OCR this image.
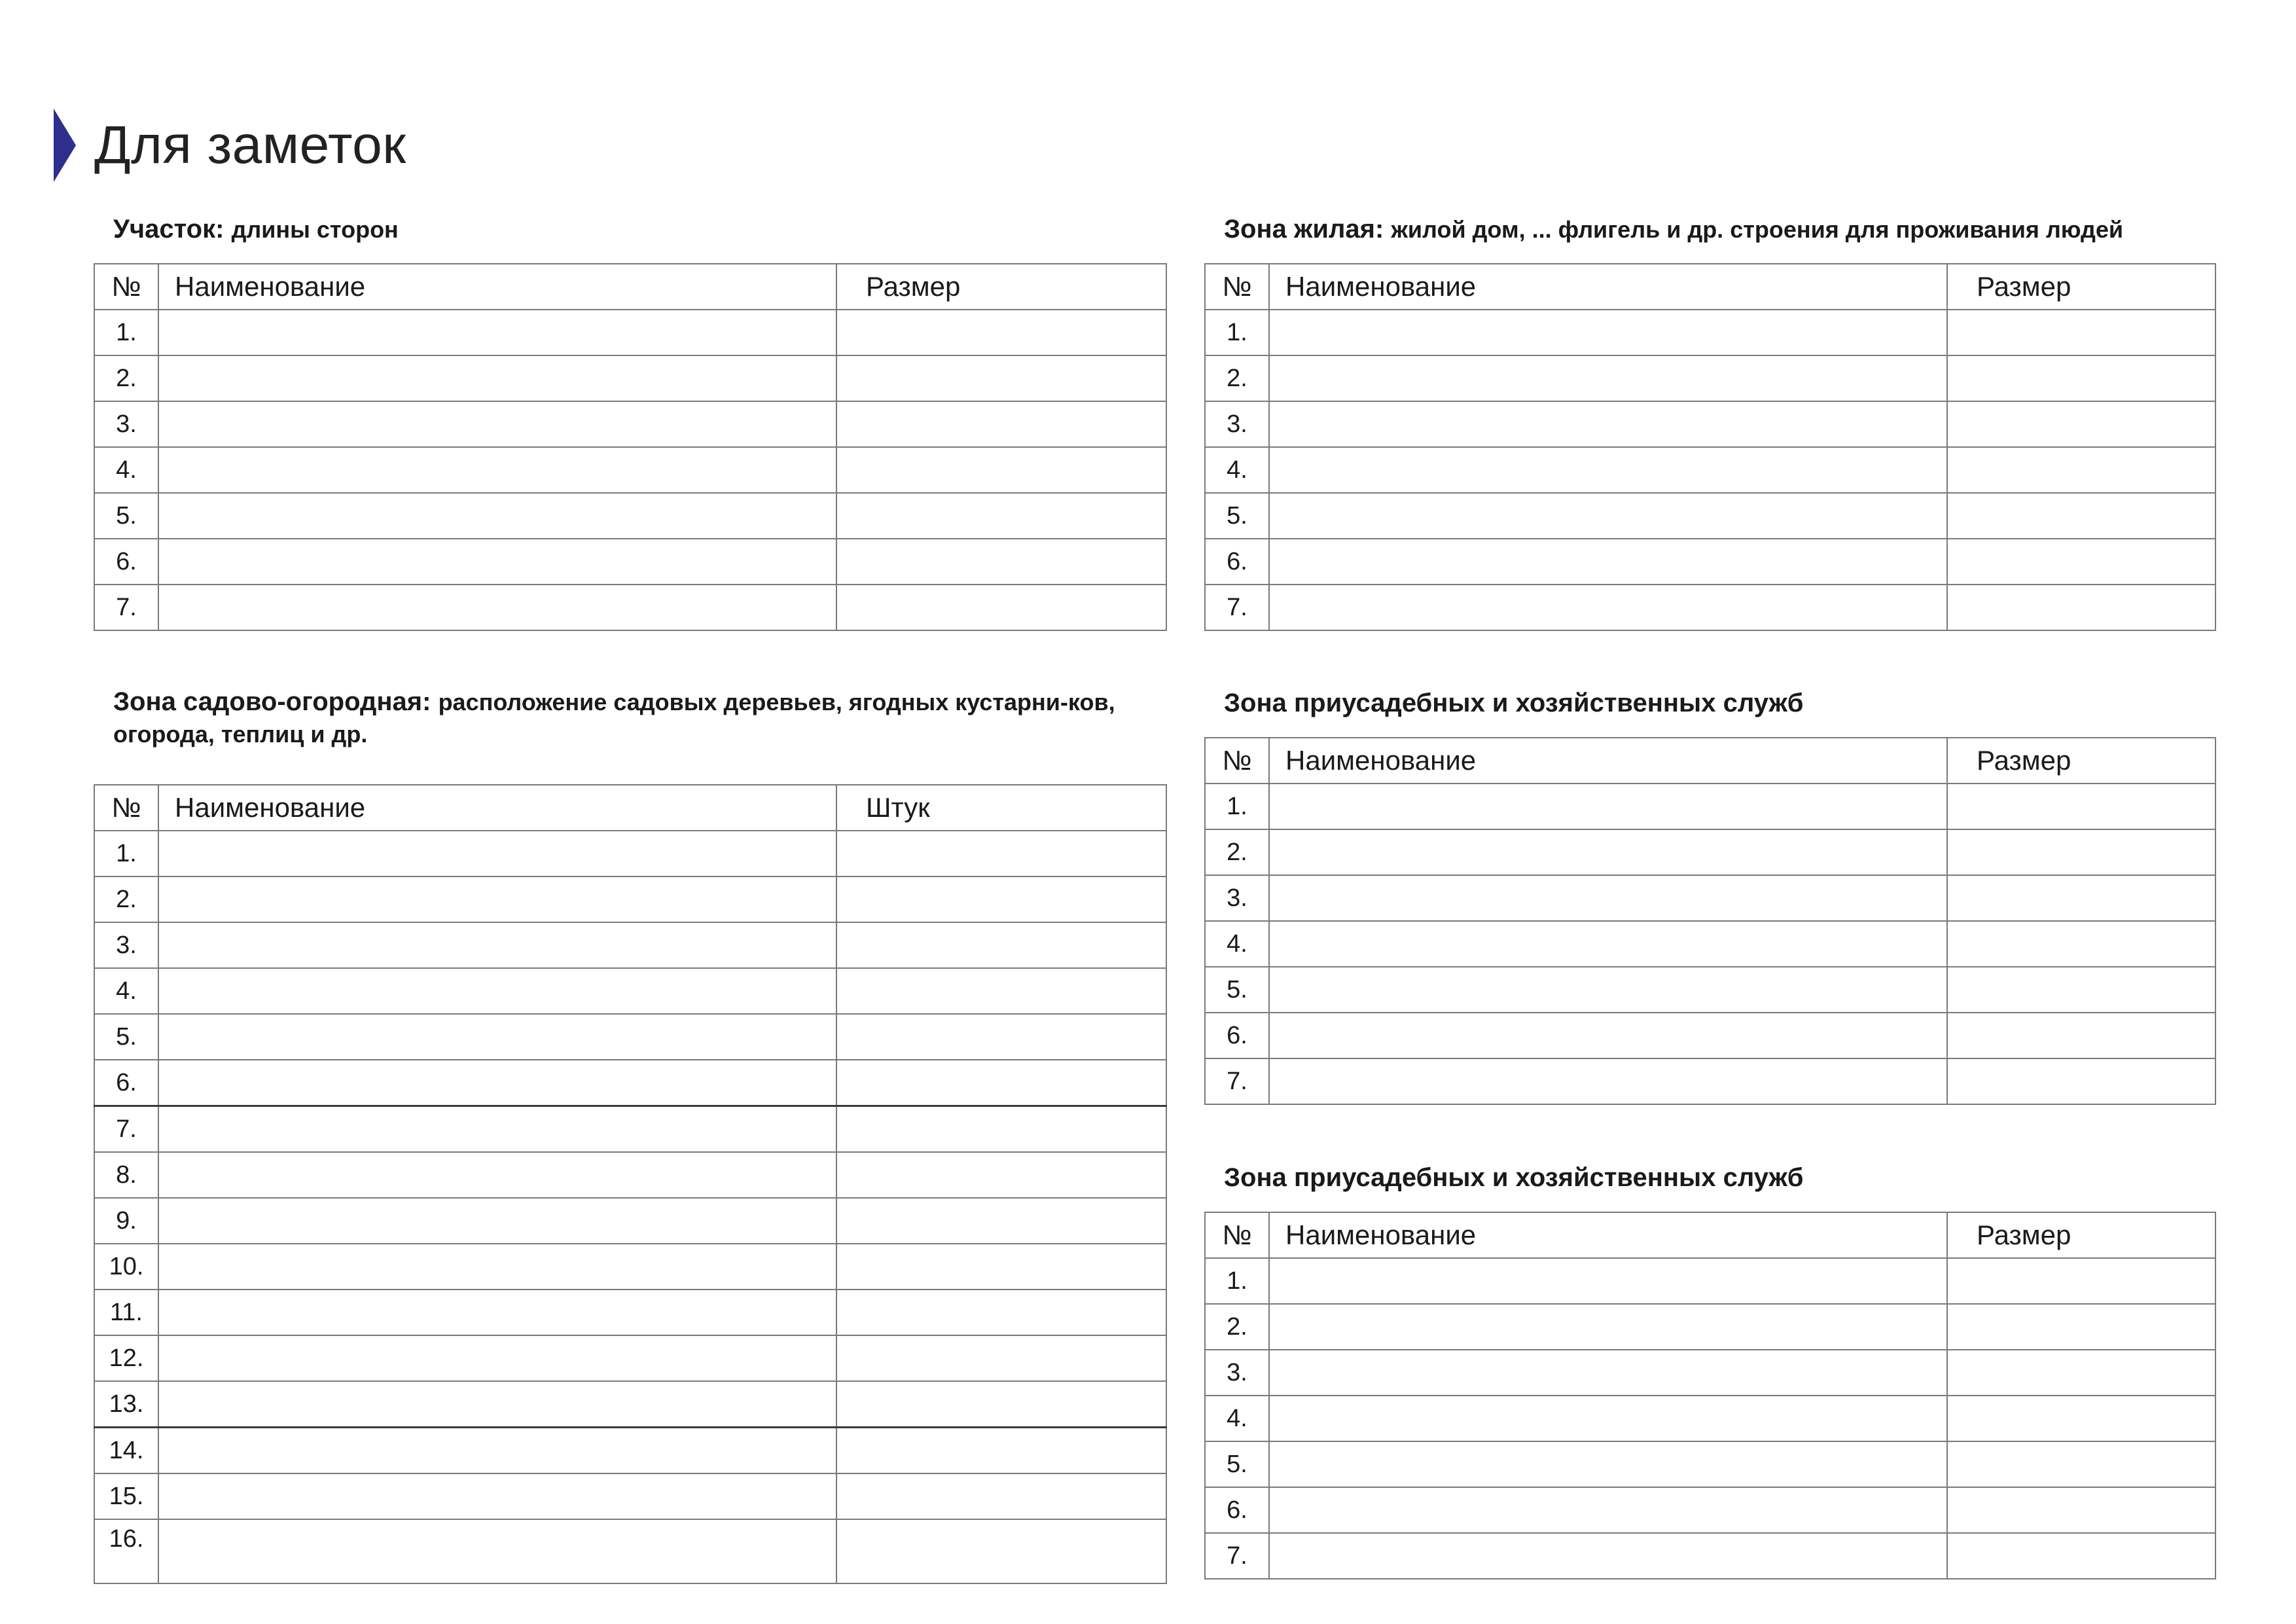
Для заметок
Участок: длины сторон
№	Наименование	Размер
1.		
2.		
3.		
4.		
5.		
6.		
7.		
Зона жилая: жилой дом, ... флигель и др. строения для проживания людей
№	Наименование	Размер
1.		
2.		
3.		
4.		
5.		
6.		
7.		
Зона садово-огородная: расположение садовых деревьев, ягодных кустарни-ков, огорода, теплиц и др.
№	Наименование	Штук
1.		
2.		
3.		
4.		
5.		
6.		
7.		
8.		
9.		
10.		
11.		
12.		
13.		
14.		
15.		
16.		
Зона приусадебных и хозяйственных служб
№	Наименование	Размер
1.		
2.		
3.		
4.		
5.		
6.		
7.		
Зона приусадебных и хозяйственных служб
№	Наименование	Размер
1.		
2.		
3.		
4.		
5.		
6.		
7.		
